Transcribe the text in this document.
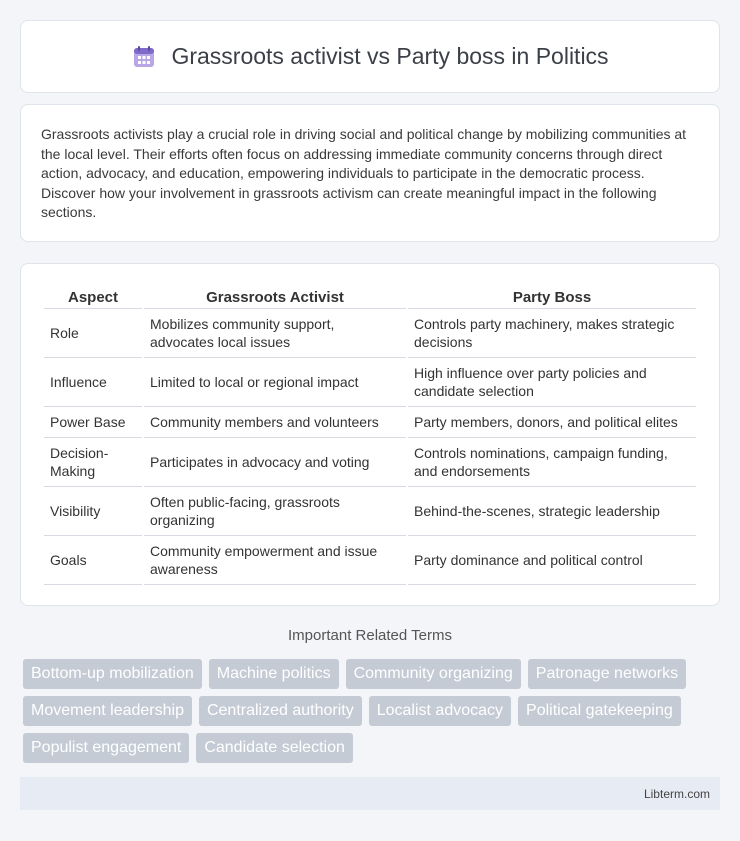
Grassroots activist vs Party boss in Politics

Grassroots activists play a crucial role in driving social and political change by mobilizing communities at the local level. Their efforts often focus on addressing immediate community concerns through direct action, advocacy, and education, empowering individuals to participate in the democratic process. Discover how your involvement in grassroots activism can create meaningful impact in the following sections.

Aspect	Grassroots Activist	Party Boss
Role	Mobilizes community support, advocates local issues	Controls party machinery, makes strategic decisions
Influence	Limited to local or regional impact	High influence over party policies and candidate selection
Power Base	Community members and volunteers	Party members, donors, and political elites
Decision-Making	Participates in advocacy and voting	Controls nominations, campaign funding, and endorsements
Visibility	Often public-facing, grassroots organizing	Behind-the-scenes, strategic leadership
Goals	Community empowerment and issue awareness	Party dominance and political control
Important Related Terms
Bottom-up mobilization	Machine politics	Community organizing	Patronage networks
Movement leadership	Centralized authority	Localist advocacy	Political gatekeeping
Populist engagement	Candidate selection
Libterm.com
